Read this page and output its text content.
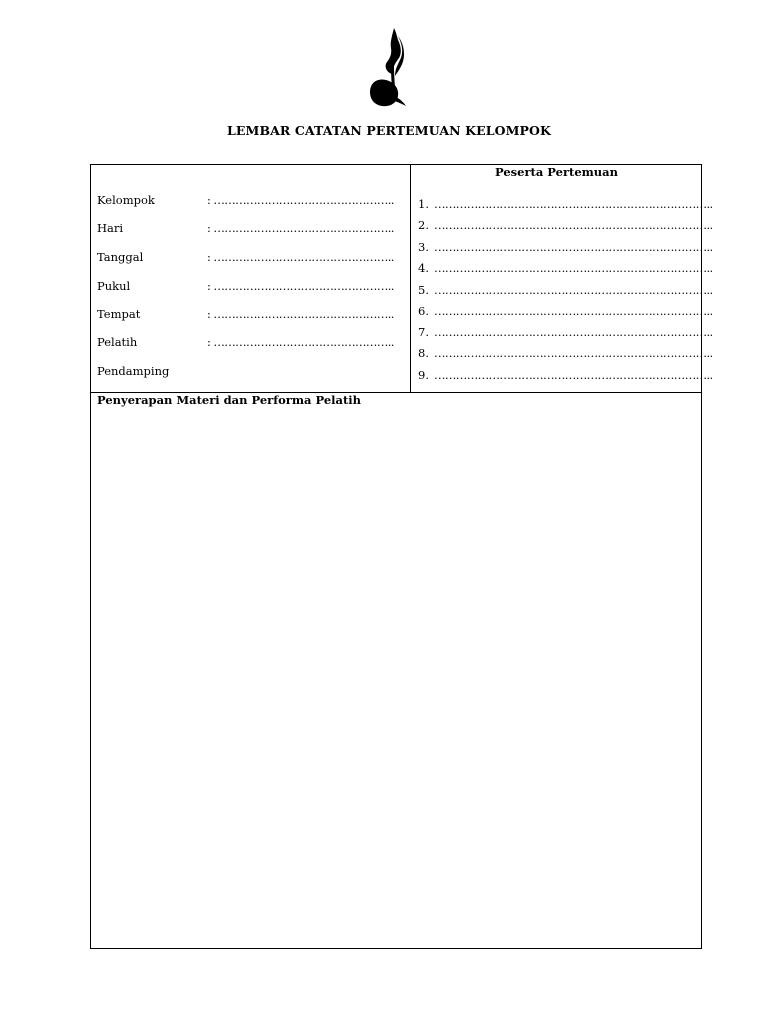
LEMBAR CATATAN PERTEMUAN KELOMPOK
Kelompok	: …………………………………………..
Hari	: …………………………………………..
Tanggal	: …………………………………………..
Pukul	: …………………………………………..
Tempat	: …………………………………………..
Pelatih	: …………………………………………..
Pendamping
Peserta Pertemuan
1. …………………………………………………………………..
2. …………………………………………………………………..
3. …………………………………………………………………..
4. …………………………………………………………………..
5. …………………………………………………………………..
6. …………………………………………………………………..
7. …………………………………………………………………..
8. …………………………………………………………………..
9. …………………………………………………………………..
Penyerapan Materi dan Performa Pelatih
